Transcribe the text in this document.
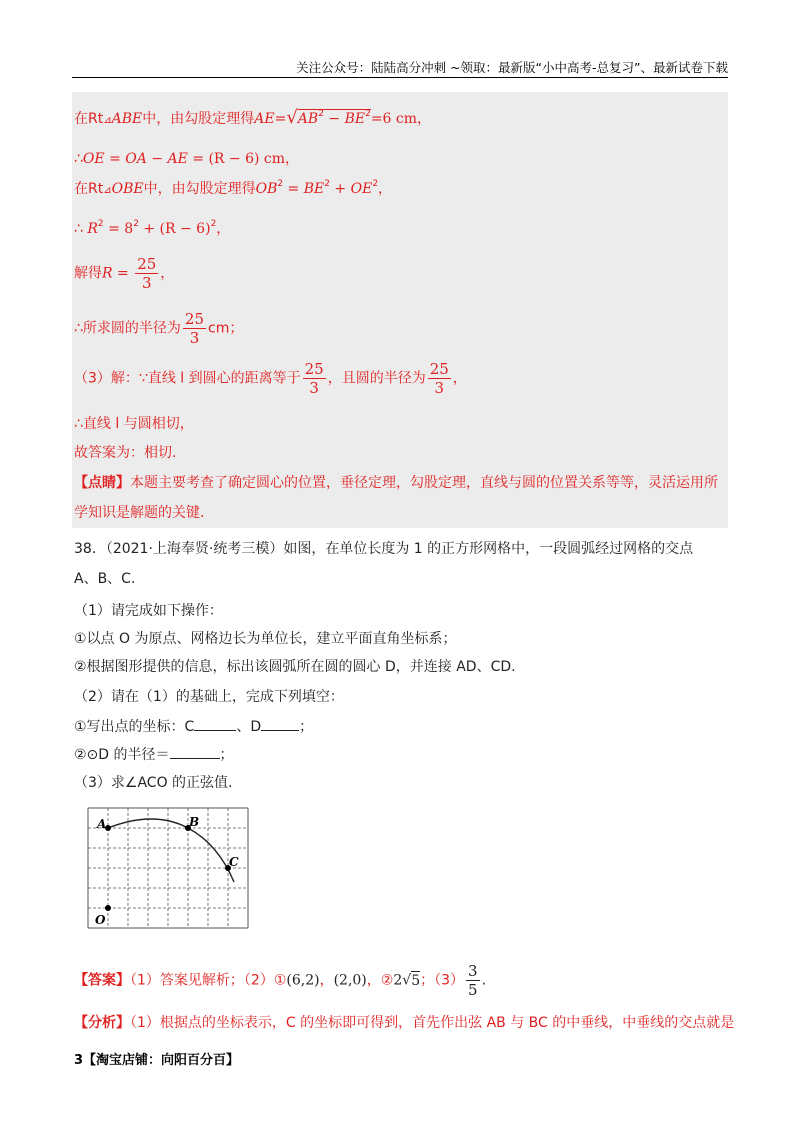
关注公众号：陆陆高分冲刺 ~领取：最新版“小中高考-总复习”、最新试卷下载
在Rt⊿ABE中，由勾股定理得$AE=√AB^2 - BE^2=6$ cm，
∴OE = OA − AE = (R − 6) cm，
在Rt⊿OBE中，由勾股定理得$OB^2 = BE^2 + OE^2$，
∴ $R^2 = 8^2 + (R - 6)^2$，
解得$R = \frac{25}{3}$ ，
∴所求圆的半径为 $\frac{25}{3}$ cm；
（3）解：∵直线 l 到圆心的距离等于 $\frac{25}{3}$ ，且圆的半径为 $\frac{25}{3}$ ，
∴直线 l 与圆相切，
故答案为：相切.
【点睛】本题主要考查了确定圆心的位置，垂径定理，勾股定理，直线与圆的位置关系等等，灵活运用所
学知识是解题的关键.
38．（2021·上海奉贤·统考三模）如图，在单位长度为 1 的正方形网格中，一段圆弧经过网格的交点
A、B、C.
（1）请完成如下操作：
①以点 O 为原点、网格边长为单位长，建立平面直角坐标系；
②根据图形提供的信息，标出该圆弧所在圆的圆心 D，并连接 AD、CD.
（2）请在（1）的基础上，完成下列填空：
①写出点的坐标：C	、D	；
②⊙D 的半径＝	；
（3）求∠ACO 的正弦值.
A	B
C
O
【答案】（1）答案见解析；（2）①(6,2)，(2,0)，②2√5；$(3) \frac{3}{5}$ .
【分析】（1）根据点的坐标表示，C 的坐标即可得到，首先作出弦 AB 与 BC 的中垂线，中垂线的交点就是
3【淘宝店铺：向阳百分百】
